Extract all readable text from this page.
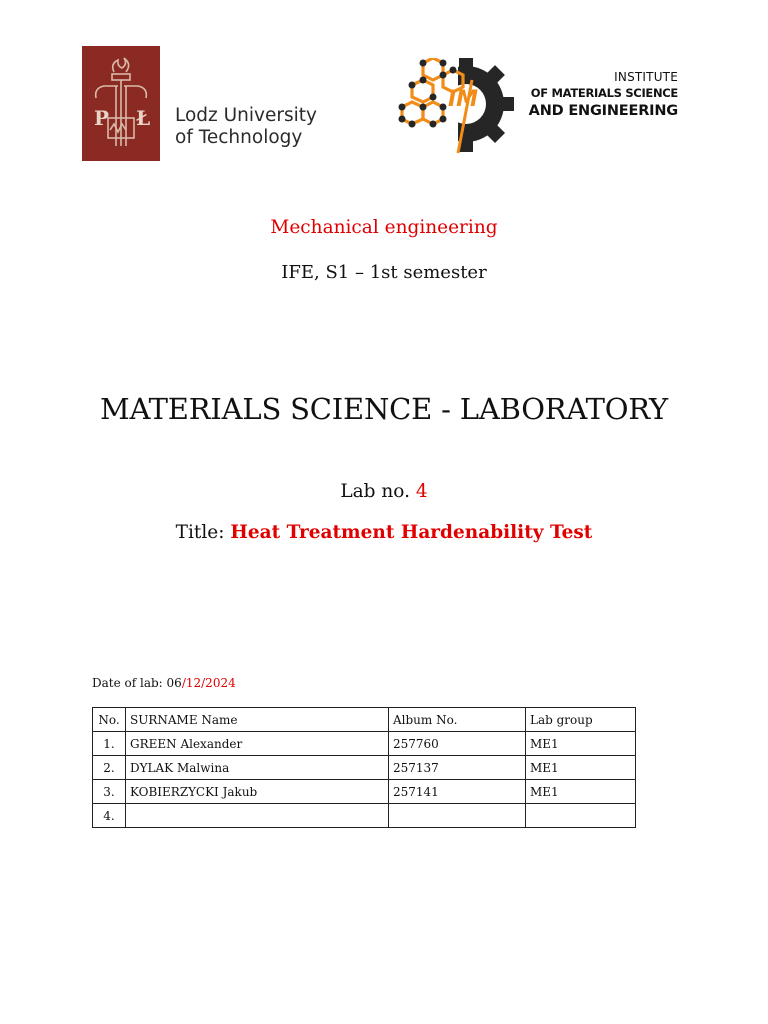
P Ł Lodz University
of Technology
IM
INSTITUTE
OF MATERIALS SCIENCE
AND ENGINEERING
Mechanical engineering
IFE, S1 – 1st semester
MATERIALS SCIENCE - LABORATORY
Lab no. 4
Title: Heat Treatment Hardenability Test
Date of lab: 06/12/2024
No.	SURNAME Name	Album No.	Lab group
1.	GREEN Alexander	257760	ME1
2.	DYLAK Malwina	257137	ME1
3.	KOBIERZYCKI Jakub	257141	ME1
4.			
